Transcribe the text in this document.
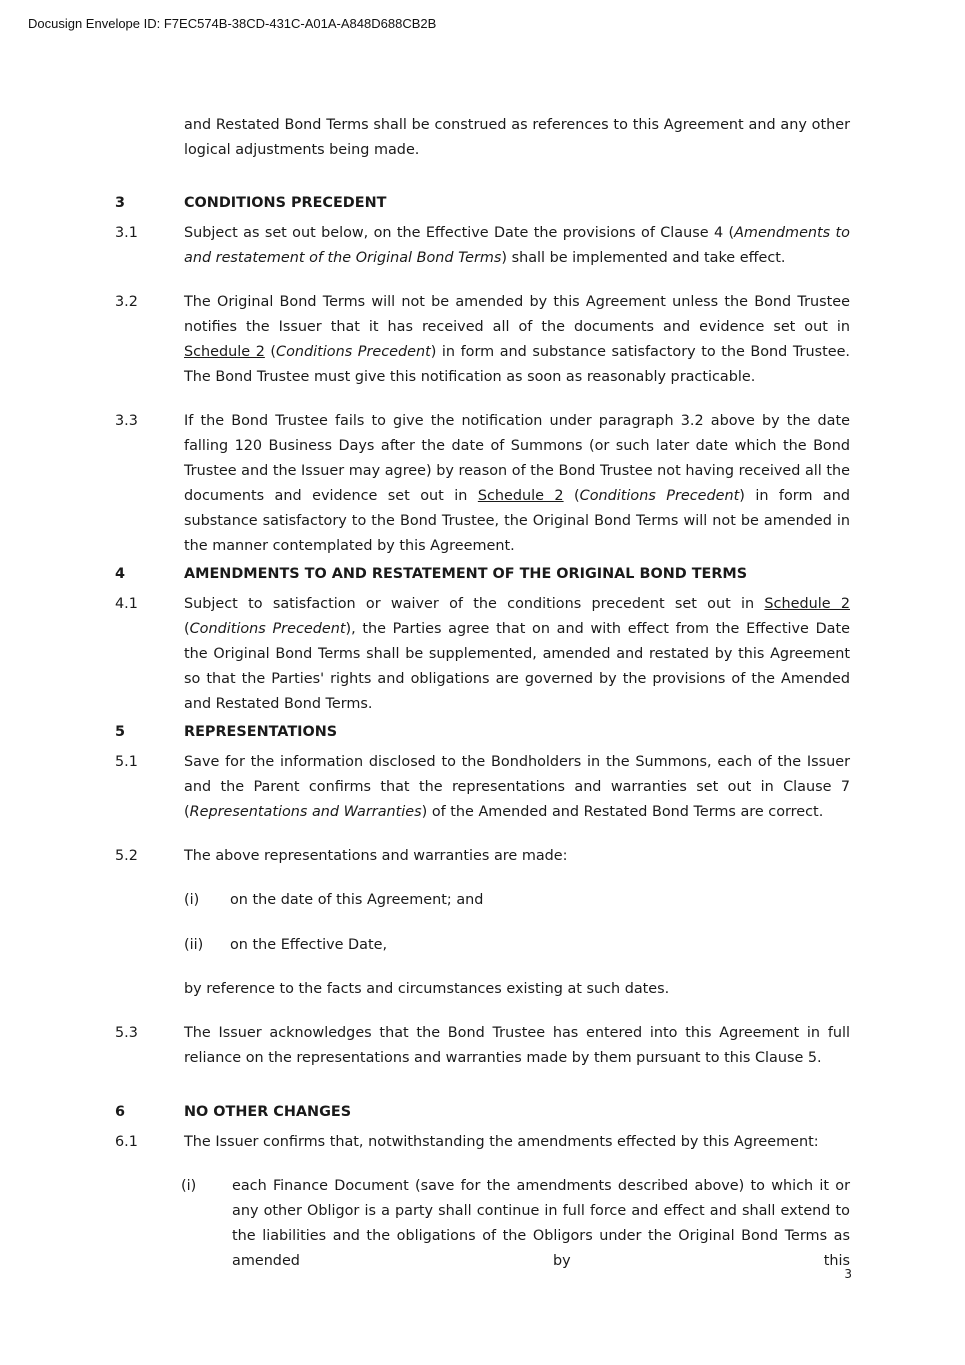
Docusign Envelope ID: F7EC574B-38CD-431C-A01A-A848D688CB2B
and Restated Bond Terms shall be construed as references to this Agreement and any other logical adjustments being made.
3	CONDITIONS PRECEDENT
3.1	Subject as set out below, on the Effective Date the provisions of Clause 4 (Amendments to and restatement of the Original Bond Terms) shall be implemented and take effect.
3.2	The Original Bond Terms will not be amended by this Agreement unless the Bond Trustee notifies the Issuer that it has received all of the documents and evidence set out in Schedule 2 (Conditions Precedent) in form and substance satisfactory to the Bond Trustee. The Bond Trustee must give this notification as soon as reasonably practicable.
3.3	If the Bond Trustee fails to give the notification under paragraph 3.2 above by the date falling 120 Business Days after the date of Summons (or such later date which the Bond Trustee and the Issuer may agree) by reason of the Bond Trustee not having received all the documents and evidence set out in Schedule 2 (Conditions Precedent) in form and substance satisfactory to the Bond Trustee, the Original Bond Terms will not be amended in the manner contemplated by this Agreement.
4	AMENDMENTS TO AND RESTATEMENT OF THE ORIGINAL BOND TERMS
4.1	Subject to satisfaction or waiver of the conditions precedent set out in Schedule 2 (Conditions Precedent), the Parties agree that on and with effect from the Effective Date the Original Bond Terms shall be supplemented, amended and restated by this Agreement so that the Parties' rights and obligations are governed by the provisions of the Amended and Restated Bond Terms.
5	REPRESENTATIONS
5.1	Save for the information disclosed to the Bondholders in the Summons, each of the Issuer and the Parent confirms that the representations and warranties set out in Clause 7 (Representations and Warranties) of the Amended and Restated Bond Terms are correct.
5.2	The above representations and warranties are made:
(i) on the date of this Agreement; and
(ii) on the Effective Date,
by reference to the facts and circumstances existing at such dates.
5.3	The Issuer acknowledges that the Bond Trustee has entered into this Agreement in full reliance on the representations and warranties made by them pursuant to this Clause 5.
6	NO OTHER CHANGES
6.1	The Issuer confirms that, notwithstanding the amendments effected by this Agreement:
(i) each Finance Document (save for the amendments described above) to which it or any other Obligor is a party shall continue in full force and effect and shall extend to the liabilities and the obligations of the Obligors under the Original Bond Terms as amended by this
3
